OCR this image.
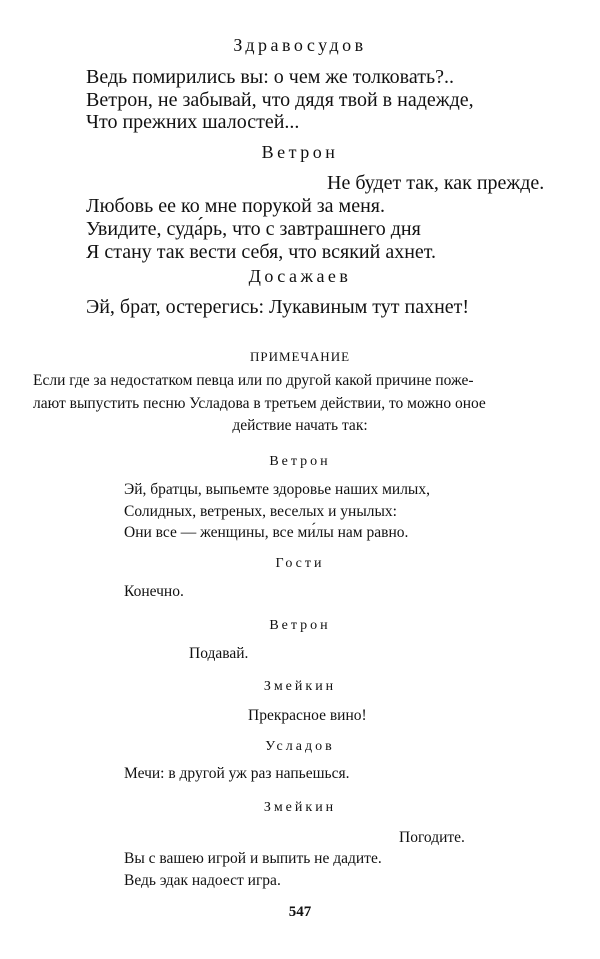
Здравосудов
Ведь помирились вы: о чем же толковать?..
Ветрон, не забывай, что дядя твой в надежде,
Что прежних шалостей...
Ветрон
Не будет так, как прежде.
Любовь ее ко мне порукой за меня.
Увидите, суда́рь, что с завтрашнего дня
Я стану так вести себя, что всякий ахнет.
Досажаев
Эй, брат, остерегись: Лукавиным тут пахнет!
ПРИМЕЧАНИЕ
Если где за недостатком певца или по другой какой причине поже-
лают выпустить песню Усладова в третьем действии, то можно оное
действие начать так:
Ветрон
Эй, братцы, выпьемте здоровье наших милых,
Солидных, ветреных, веселых и унылых:
Они все — женщины, все ми́лы нам равно.
Гости
Конечно.
Ветрон
Подавай.
Змейкин
Прекрасное вино!
Усладов
Мечи: в другой уж раз напьешься.
Змейкин
Погодите.
Вы с вашею игрой и выпить не дадите.
Ведь эдак надоест игра.
547
